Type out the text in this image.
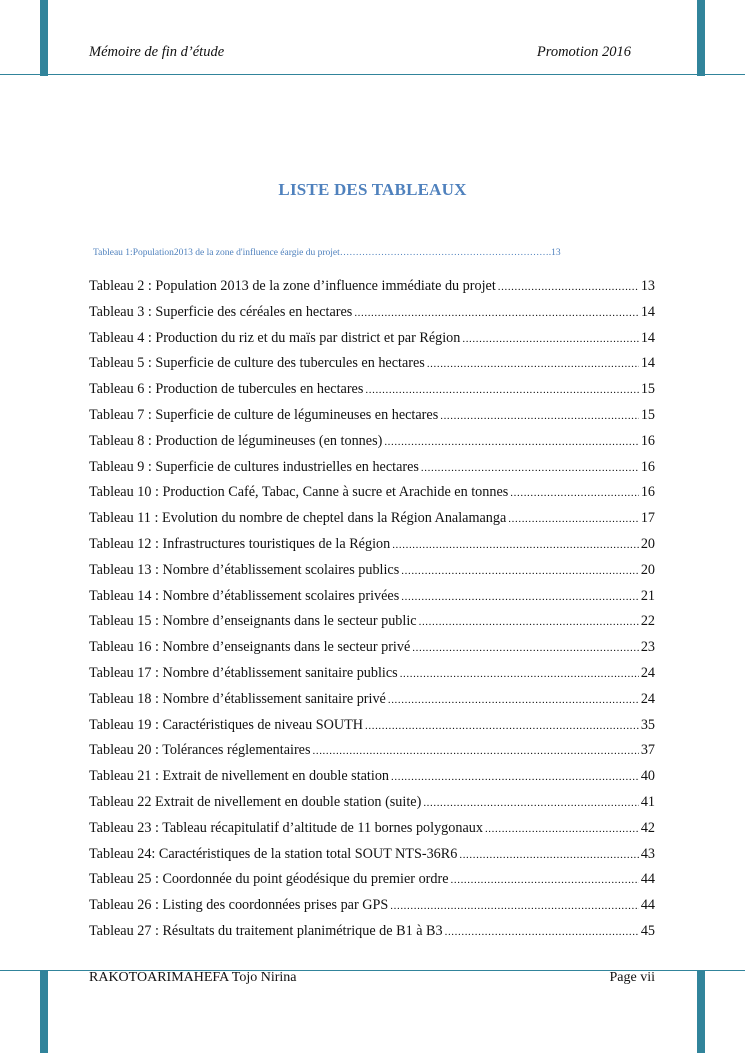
Mémoire de fin d’étude	Promotion 2016
LISTE DES TABLEAUX
Tableau 1:Population2013 de la zone d'influence éargie du projet………………………………………………………….13
Tableau 2 : Population 2013 de la zone d’influence immédiate du projet .....	13
Tableau 3 : Superficie des céréales en hectares .....	14
Tableau 4 : Production du riz et du maïs par district et par Région .....	14
Tableau 5 : Superficie de culture des tubercules en hectares .....	14
Tableau 6 : Production de tubercules en hectares .....	15
Tableau 7 : Superficie de culture de légumineuses en hectares .....	15
Tableau 8 : Production de légumineuses (en tonnes) .....	16
Tableau 9 : Superficie de cultures industrielles en hectares .....	16
Tableau 10 : Production Café, Tabac, Canne à sucre et Arachide en tonnes .....	16
Tableau 11 : Evolution du nombre de cheptel dans la Région Analamanga .....	17
Tableau 12 : Infrastructures touristiques de la Région .....	20
Tableau 13 : Nombre d’établissement scolaires publics .....	20
Tableau 14 : Nombre d’établissement scolaires privées .....	21
Tableau 15 : Nombre d’enseignants dans le secteur public .....	22
Tableau 16 : Nombre d’enseignants dans le secteur privé .....	23
Tableau 17 : Nombre d’établissement sanitaire publics .....	24
Tableau 18 : Nombre d’établissement sanitaire privé .....	24
Tableau 19 : Caractéristiques de niveau SOUTH .....	35
Tableau 20 : Tolérances réglementaires .....	37
Tableau 21 : Extrait de nivellement en double station .....	40
Tableau 22 Extrait de nivellement en double station (suite) .....	41
Tableau 23 : Tableau récapitulatif d’altitude de 11 bornes polygonaux .....	42
Tableau 24: Caractéristiques de la station total SOUT NTS-36R6 .....	43
Tableau 25 : Coordonnée du point géodésique du premier ordre .....	44
Tableau 26 : Listing des coordonnées prises par GPS .....	44
Tableau 27 : Résultats du traitement planimétrique de B1 à B3 .....	45
RAKOTOARIMAHEFA Tojo Nirina	Page vii
